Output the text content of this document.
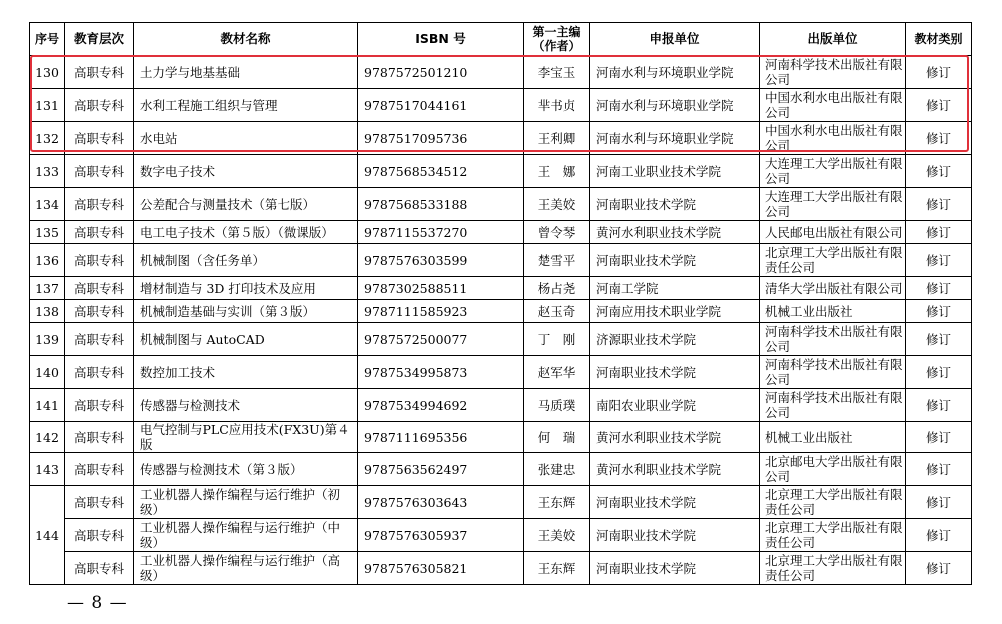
序号	教育层次	教材名称	ISBN 号	第一主编（作者）	申报单位	出版单位	教材类别
130	高职专科	土力学与地基基础	9787572501210	李宝玉	河南水利与环境职业学院	河南科学技术出版社有限公司	修订
131	高职专科	水利工程施工组织与管理	9787517044161	芈书贞	河南水利与环境职业学院	中国水利水电出版社有限公司	修订
132	高职专科	水电站	9787517095736	王利卿	河南水利与环境职业学院	中国水利水电出版社有限公司	修订
133	高职专科	数字电子技术	9787568534512	王　娜	河南工业职业技术学院	大连理工大学出版社有限公司	修订
134	高职专科	公差配合与测量技术（第七版）	9787568533188	王美姣	河南职业技术学院	大连理工大学出版社有限公司	修订
135	高职专科	电工电子技术（第５版）（微课版）	9787115537270	曾令琴	黄河水利职业技术学院	人民邮电出版社有限公司	修订
136	高职专科	机械制图（含任务单）	9787576303599	楚雪平	河南职业技术学院	北京理工大学出版社有限责任公司	修订
137	高职专科	增材制造与 3D 打印技术及应用	9787302588511	杨占尧	河南工学院	清华大学出版社有限公司	修订
138	高职专科	机械制造基础与实训（第３版）	9787111585923	赵玉奇	河南应用技术职业学院	机械工业出版社	修订
139	高职专科	机械制图与 AutoCAD	9787572500077	丁　刚	济源职业技术学院	河南科学技术出版社有限公司	修订
140	高职专科	数控加工技术	9787534995873	赵军华	河南职业技术学院	河南科学技术出版社有限公司	修订
141	高职专科	传感器与检测技术	9787534994692	马质璞	南阳农业职业学院	河南科学技术出版社有限公司	修订
142	高职专科	电气控制与PLC应用技术(FX3U)第４版	9787111695356	何　瑞	黄河水利职业技术学院	机械工业出版社	修订
143	高职专科	传感器与检测技术（第３版）	9787563562497	张建忠	黄河水利职业技术学院	北京邮电大学出版社有限公司	修订
144	高职专科	工业机器人操作编程与运行维护（初级）	9787576303643	王东辉	河南职业技术学院	北京理工大学出版社有限责任公司	修订
	高职专科	工业机器人操作编程与运行维护（中级）	9787576305937	王美姣	河南职业技术学院	北京理工大学出版社有限责任公司	修订
	高职专科	工业机器人操作编程与运行维护（高级）	9787576305821	王东辉	河南职业技术学院	北京理工大学出版社有限责任公司	修订
— 8 —
